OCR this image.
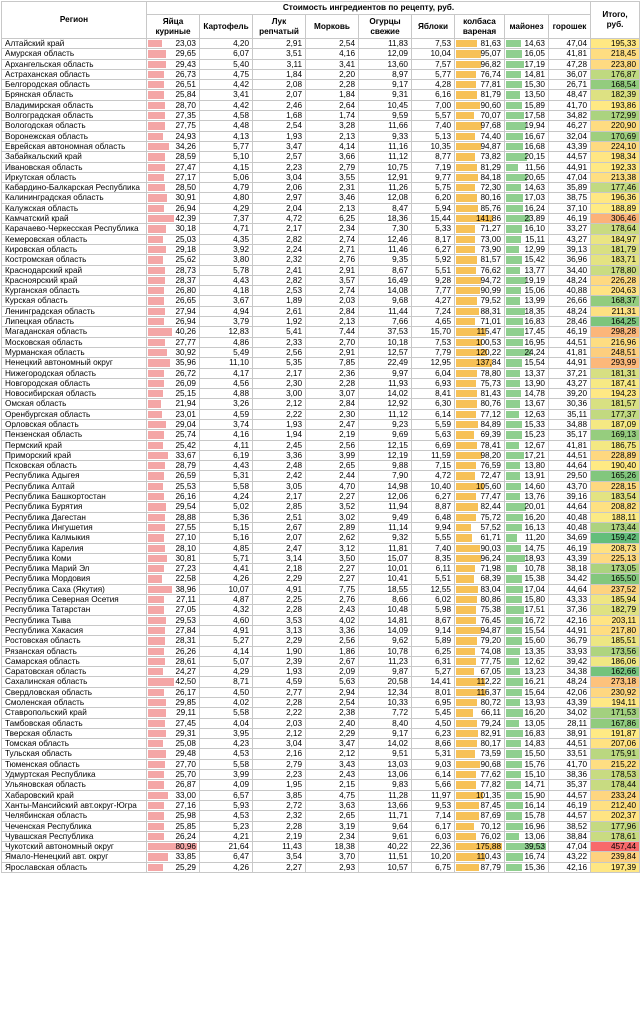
Регион	Стоимость ингредиентов по рецепту, руб.									Итого, руб.
	Яйца куриные	Картофель	Лук репчатый	Морковь	Огурцы свежие	Яблоки	колбаса вареная	майонез	горошек	
Алтайский край	23,03	4,20	2,91	2,54	11,83	7,53	81,63	14,63	47,04	195,33
Амурская область	29,65	6,07	3,51	4,16	12,09	10,04	95,07	16,05	41,81	218,45
Архангельская область	29,43	5,40	3,11	3,41	13,60	7,57	96,82	17,19	47,28	223,80
Астраханская область	26,73	4,75	1,84	2,20	8,97	5,77	76,74	14,81	36,07	176,87
Белгородская область	26,51	4,42	2,08	2,28	9,17	4,28	77,81	15,30	26,71	168,54
Брянская область	25,84	3,41	2,07	1,84	9,31	6,16	81,79	13,50	48,47	182,39
Владимирская область	28,70	4,42	2,46	2,64	10,45	7,00	90,60	15,89	41,70	193,86
Волгоградская область	27,35	4,58	1,68	1,74	9,59	5,57	70,07	17,58	34,82	172,99
Вологодская область	27,75	4,48	2,54	3,28	11,66	7,40	97,68	19,94	46,27	220,90
Воронежская область	24,93	4,13	1,93	2,13	9,33	5,13	74,40	16,67	32,04	170,69
Еврейская автономная область	34,26	5,77	3,47	4,14	11,16	10,35	94,87	16,68	43,39	224,10
Забайкальский край	28,59	5,10	2,57	3,66	11,12	8,77	73,82	20,15	44,57	198,34
Ивановская область	27,47	4,15	2,23	2,79	10,75	7,19	81,29	11,56	44,91	192,33
Иркутская область	27,17	5,06	3,04	3,55	12,91	9,77	84,18	20,65	47,04	213,38
Кабардино-Балкарская Республика	28,50	4,79	2,06	2,31	11,26	5,75	72,30	14,63	35,89	177,46
Калининградская область	30,91	4,80	2,97	3,46	12,08	6,20	80,16	17,03	38,75	196,36
Калужская область	26,94	4,29	2,04	2,13	8,47	5,94	85,76	16,24	37,10	188,89
Камчатский край	42,39	7,37	4,72	6,25	18,36	15,44	141,86	23,89	46,19	306,46
Карачаево-Черкесская Республика	30,18	4,71	2,17	2,34	7,30	5,33	71,27	16,10	33,27	178,64
Кемеровская область	25,03	4,35	2,82	2,74	12,46	8,17	73,00	15,11	43,27	184,97
Кировская область	29,18	3,92	2,24	2,71	11,46	6,27	73,90	12,99	39,13	181,79
Костромская область	25,62	3,80	2,32	2,76	9,35	5,92	81,57	15,42	36,96	183,71
Краснодарский край	28,73	5,78	2,41	2,91	8,67	5,51	76,62	13,77	34,40	178,80
Красноярский край	28,37	4,43	2,82	3,57	16,49	9,28	94,72	19,19	48,24	226,28
Курганская область	26,80	4,18	2,53	2,74	14,08	7,77	90,99	15,06	40,88	204,63
Курская область	26,65	3,67	1,89	2,03	9,68	4,27	79,52	13,99	26,66	168,37
Ленинградская область	27,94	4,94	2,61	2,84	11,44	7,24	88,31	18,35	48,24	211,31
Липецкая область	26,94	3,79	1,92	2,13	7,66	4,65	71,01	16,83	28,46	164,25
Магаданская область	40,26	12,83	5,41	7,44	37,53	15,70	115,47	17,45	46,19	298,28
Московская область	27,77	4,86	2,33	2,70	10,18	7,53	100,53	16,95	44,51	216,96
Мурманская область	30,92	5,49	2,56	2,91	12,57	7,79	120,22	24,24	41,81	248,51
Ненецкий автономный округ	35,96	11,10	5,35	7,85	22,49	12,95	137,84	15,54	44,91	293,99
Нижегородская область	26,72	4,17	2,17	2,36	9,97	6,04	78,80	13,37	37,21	181,31
Новгородская область	26,09	4,56	2,30	2,28	11,93	6,93	75,73	13,90	43,27	187,41
Новосибирская область	25,15	4,88	3,00	3,07	14,02	8,41	81,43	14,78	39,20	194,23
Омская область	21,94	3,26	2,12	2,84	12,92	6,30	80,76	13,67	30,36	181,57
Оренбургская область	23,01	4,59	2,22	2,30	11,12	6,14	77,12	12,63	35,11	177,37
Орловская область	29,04	3,74	1,93	2,47	9,23	5,59	84,89	15,33	34,88	187,09
Пензенская область	25,74	4,16	1,94	2,19	9,69	5,63	69,39	15,23	35,17	169,13
Пермский край	25,42	4,11	2,45	2,56	12,15	6,69	78,41	12,67	41,81	186,75
Приморский край	33,67	6,19	3,36	3,99	12,19	11,59	98,20	17,21	44,51	228,89
Псковская область	28,79	4,43	2,48	2,65	9,88	7,15	76,59	13,80	44,64	190,40
Республика Адыгея	26,59	5,31	2,42	2,44	7,90	4,72	72,47	13,91	29,50	165,26
Республика Алтай	25,53	5,58	3,05	4,70	14,98	10,40	105,60	14,60	43,70	228,15
Республика Башкортостан	26,16	4,24	2,17	2,27	12,06	6,27	77,47	13,76	39,16	183,54
Республика Бурятия	29,54	5,02	2,85	3,52	11,94	8,87	82,44	20,01	44,64	208,82
Республика Дагестан	28,88	5,36	2,51	3,02	9,49	6,48	75,72	16,20	40,48	188,11
Республика Ингушетия	27,55	5,15	2,67	2,89	11,14	9,94	57,52	16,13	40,48	173,44
Республика Калмыкия	27,10	5,16	2,07	2,62	9,32	5,55	61,71	11,20	34,69	159,42
Республика Карелия	28,10	4,85	2,47	3,12	11,81	7,40	90,03	14,75	46,19	208,73
Республика Коми	30,81	5,71	3,14	3,50	15,07	8,35	96,24	18,93	43,39	225,13
Республика Марий Эл	27,23	4,41	2,18	2,27	10,01	6,11	71,98	10,78	38,18	173,05
Республика Мордовия	22,58	4,26	2,29	2,27	10,41	5,51	68,39	15,38	34,42	165,50
Республика Саха (Якутия)	38,96	10,07	4,91	7,75	18,55	12,55	83,04	17,04	44,64	237,52
Республика Северная Осетия	27,11	4,87	2,25	2,76	8,66	6,02	80,86	15,80	43,33	185,94
Республика Татарстан	27,05	4,32	2,28	2,43	10,48	5,98	75,38	17,51	37,36	182,79
Республика Тыва	29,53	4,60	3,53	4,02	14,81	8,67	76,45	16,72	42,16	203,11
Республика Хакасия	27,84	4,91	3,13	3,36	14,09	9,14	94,87	15,54	44,91	217,80
Ростовская область	28,31	5,27	2,29	2,56	9,62	5,89	79,20	15,60	36,79	185,51
Рязанская область	26,26	4,14	1,90	1,86	10,78	6,25	74,08	13,35	33,93	173,56
Самарская область	28,61	5,07	2,39	2,67	11,23	6,31	77,75	12,62	39,42	186,06
Саратовская область	24,27	4,29	1,93	2,09	9,87	5,27	67,05	13,23	34,38	162,66
Сахалинская область	42,50	8,71	4,59	5,63	20,58	14,41	112,22	16,21	48,24	273,18
Свердловская область	26,17	4,50	2,77	2,94	12,34	8,01	116,37	15,64	42,06	230,92
Смоленская область	29,85	4,02	2,28	2,54	10,33	6,95	80,72	13,93	43,39	194,11
Ставропольский край	29,11	5,58	2,22	2,38	7,72	5,45	66,11	16,20	34,02	171,53
Тамбовская область	27,45	4,04	2,03	2,40	8,40	4,50	79,24	13,05	28,11	167,86
Тверская область	29,31	3,95	2,12	2,29	9,17	6,23	82,91	16,83	38,91	191,87
Томская область	25,08	4,23	3,04	3,47	14,02	8,66	80,17	14,83	44,51	207,06
Тульская область	29,48	4,53	2,16	2,12	9,51	5,31	73,59	15,50	33,51	175,91
Тюменская область	27,70	5,58	2,79	3,43	13,03	9,03	90,68	15,76	41,70	215,22
Удмуртская Республика	25,70	3,99	2,23	2,43	13,06	6,14	77,62	15,10	38,36	178,53
Ульяновская область	26,87	4,09	1,95	2,15	9,83	5,66	77,82	14,71	35,37	178,44
Хабаровский край	33,00	6,57	3,85	4,75	11,28	11,97	101,35	15,90	44,57	233,24
Ханты-Мансийский авт.округ-Югра	27,16	5,93	2,72	3,63	13,66	9,53	87,45	16,14	46,19	212,40
Челябинская область	25,98	4,53	2,32	2,65	11,71	7,14	87,69	15,78	44,57	202,37
Чеченская Республика	25,85	5,23	2,28	3,19	9,64	6,17	70,12	16,96	38,52	177,96
Чувашская Республика	26,24	4,21	2,19	2,34	9,61	6,03	76,02	13,06	38,84	178,61
Чукотский автономный округ	80,96	21,64	11,43	18,38	40,22	22,36	175,88	39,53	47,04	457,44
Ямало-Ненецкий авт. округ	33,85	6,47	3,54	3,70	11,51	10,20	110,43	16,74	43,22	239,84
Ярославская область	25,29	4,26	2,27	2,93	10,57	6,75	87,79	15,36	42,16	197,39
